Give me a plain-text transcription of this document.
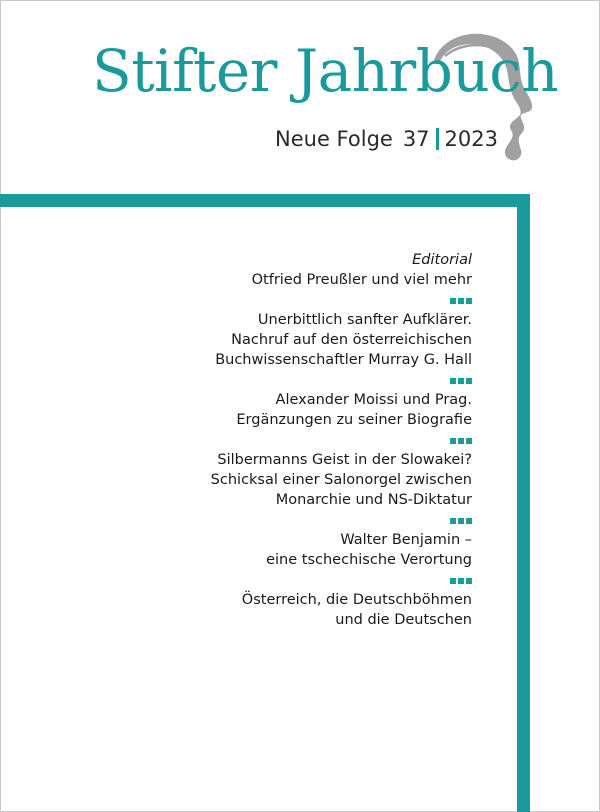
Stifter Jahrbuch
Neue Folge 37 2023
Editorial
Otfried Preußler und viel mehr
Unerbittlich sanfter Aufklärer.
Nachruf auf den österreichischen
Buchwissenschaftler Murray G. Hall
Alexander Moissi und Prag.
Ergänzungen zu seiner Biografie
Silbermanns Geist in der Slowakei?
Schicksal einer Salonorgel zwischen
Monarchie und NS-Diktatur
Walter Benjamin –
eine tschechische Verortung
Österreich, die Deutschböhmen
und die Deutschen
